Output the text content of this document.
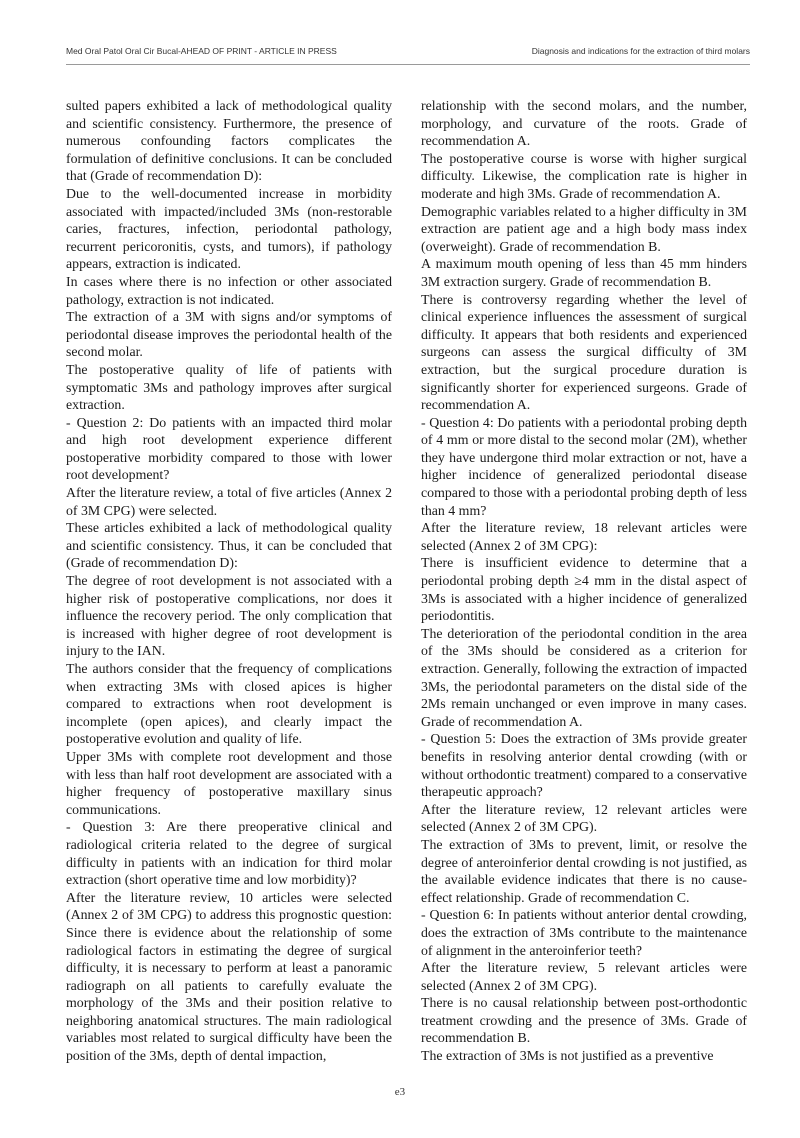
Med Oral Patol Oral Cir Bucal-AHEAD OF PRINT - ARTICLE IN PRESS	Diagnosis and indications for the extraction of third molars

sulted papers exhibited a lack of methodological quality and scientific consistency. Furthermore, the presence of numerous confounding factors complicates the formulation of definitive conclusions. It can be concluded that (Grade of recommendation D):

Due to the well-documented increase in morbidity associated with impacted/included 3Ms (non-restorable caries, fractures, infection, periodontal pathology, recurrent pericoronitis, cysts, and tumors), if pathology appears, extraction is indicated.

In cases where there is no infection or other associated pathology, extraction is not indicated.

The extraction of a 3M with signs and/or symptoms of periodontal disease improves the periodontal health of the second molar.

The postoperative quality of life of patients with symptomatic 3Ms and pathology improves after surgical extraction.

- Question 2: Do patients with an impacted third molar and high root development experience different postoperative morbidity compared to those with lower root development?

After the literature review, a total of five articles (Annex 2 of 3M CPG) were selected.

These articles exhibited a lack of methodological quality and scientific consistency. Thus, it can be concluded that (Grade of recommendation D):

The degree of root development is not associated with a higher risk of postoperative complications, nor does it influence the recovery period. The only complication that is increased with higher degree of root development is injury to the IAN.

The authors consider that the frequency of complications when extracting 3Ms with closed apices is higher compared to extractions when root development is incomplete (open apices), and clearly impact the postoperative evolution and quality of life.

Upper 3Ms with complete root development and those with less than half root development are associated with a higher frequency of postoperative maxillary sinus communications.

- Question 3: Are there preoperative clinical and radiological criteria related to the degree of surgical difficulty in patients with an indication for third molar extraction (short operative time and low morbidity)?

After the literature review, 10 articles were selected (Annex 2 of 3M CPG) to address this prognostic question: Since there is evidence about the relationship of some radiological factors in estimating the degree of surgical difficulty, it is necessary to perform at least a panoramic radiograph on all patients to carefully evaluate the morphology of the 3Ms and their position relative to neighboring anatomical structures. The main radiological variables most related to surgical difficulty have been the position of the 3Ms, depth of dental impaction,

relationship with the second molars, and the number, morphology, and curvature of the roots. Grade of recommendation A.

The postoperative course is worse with higher surgical difficulty. Likewise, the complication rate is higher in moderate and high 3Ms. Grade of recommendation A.

Demographic variables related to a higher difficulty in 3M extraction are patient age and a high body mass index (overweight). Grade of recommendation B.

A maximum mouth opening of less than 45 mm hinders 3M extraction surgery. Grade of recommendation B.

There is controversy regarding whether the level of clinical experience influences the assessment of surgical difficulty. It appears that both residents and experienced surgeons can assess the surgical difficulty of 3M extraction, but the surgical procedure duration is significantly shorter for experienced surgeons. Grade of recommendation A.

- Question 4: Do patients with a periodontal probing depth of 4 mm or more distal to the second molar (2M), whether they have undergone third molar extraction or not, have a higher incidence of generalized periodontal disease compared to those with a periodontal probing depth of less than 4 mm?

After the literature review, 18 relevant articles were selected (Annex 2 of 3M CPG):

There is insufficient evidence to determine that a periodontal probing depth ≥4 mm in the distal aspect of 3Ms is associated with a higher incidence of generalized periodontitis.

The deterioration of the periodontal condition in the area of the 3Ms should be considered as a criterion for extraction. Generally, following the extraction of impacted 3Ms, the periodontal parameters on the distal side of the 2Ms remain unchanged or even improve in many cases. Grade of recommendation A.

- Question 5: Does the extraction of 3Ms provide greater benefits in resolving anterior dental crowding (with or without orthodontic treatment) compared to a conservative therapeutic approach?

After the literature review, 12 relevant articles were selected (Annex 2 of 3M CPG).

The extraction of 3Ms to prevent, limit, or resolve the degree of anteroinferior dental crowding is not justified, as the available evidence indicates that there is no cause-effect relationship. Grade of recommendation C.

- Question 6: In patients without anterior dental crowding, does the extraction of 3Ms contribute to the maintenance of alignment in the anteroinferior teeth?

After the literature review, 5 relevant articles were selected (Annex 2 of 3M CPG).

There is no causal relationship between post-orthodontic treatment crowding and the presence of 3Ms. Grade of recommendation B.

The extraction of 3Ms is not justified as a preventive

e3
